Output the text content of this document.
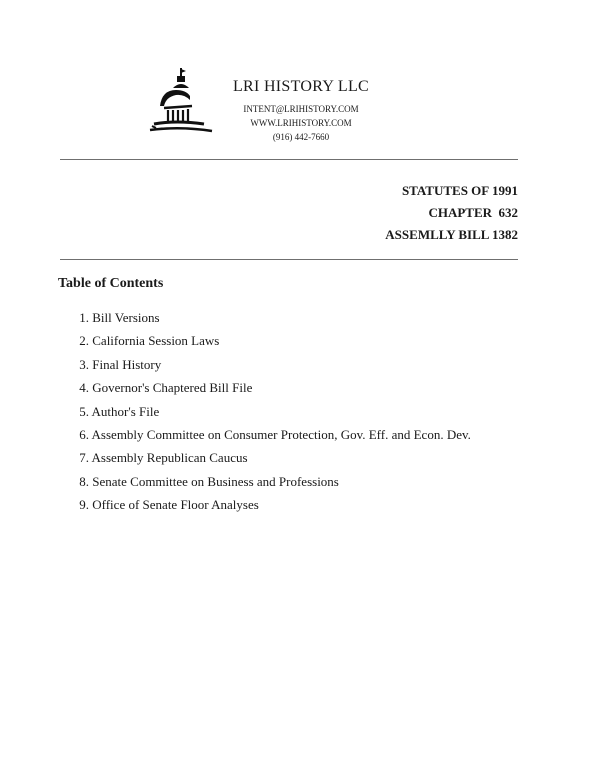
LRI HISTORY LLC
INTENT@LRIHISTORY.COM
WWW.LRIHISTORY.COM
(916) 442-7660
STATUTES OF 1991
CHAPTER  632
ASSEMLLY BILL 1382
Table of Contents
1. Bill Versions
2. California Session Laws
3. Final History
4. Governor's Chaptered Bill File
5. Author's File
6. Assembly Committee on Consumer Protection, Gov. Eff. and Econ. Dev.
7. Assembly Republican Caucus
8. Senate Committee on Business and Professions
9. Office of Senate Floor Analyses
